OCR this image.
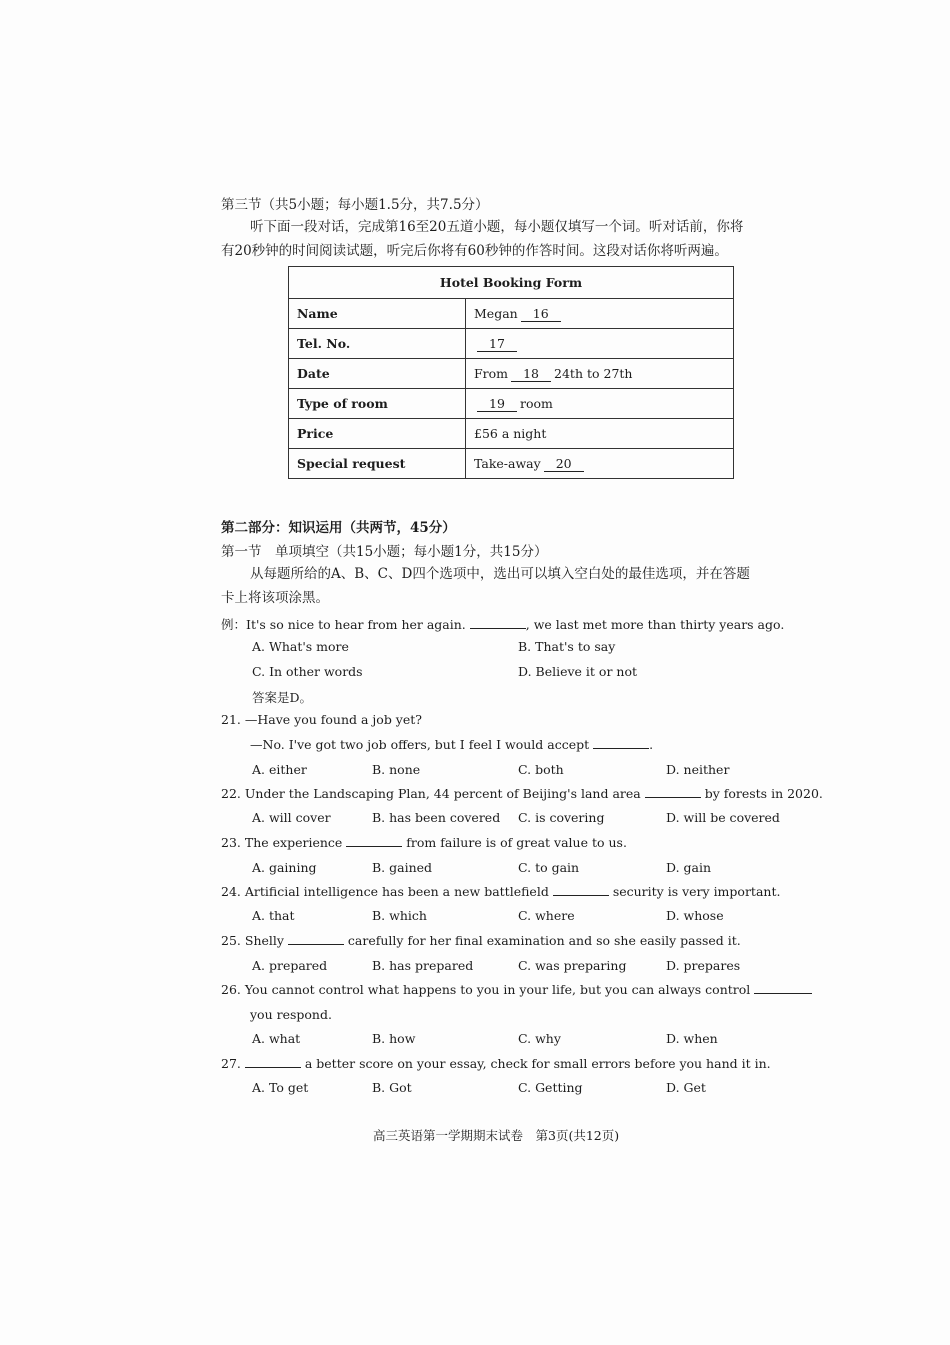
第三节（共5小题；每小题1.5分，共7.5分）
听下面一段对话，完成第16至20五道小题，每小题仅填写一个词。听对话前，你将
有20秒钟的时间阅读试题，听完后你将有60秒钟的作答时间。这段对话你将听两遍。
Hotel Booking Form	
Name	Megan 16
Tel. No.	17
Date	From 18 24th to 27th
Type of room	19 room
Price	£56 a night
Special request	Take-away 20
第二部分：知识运用（共两节，45分）
第一节　单项填空（共15小题；每小题1分，共15分）
从每题所给的A、B、C、D四个选项中，选出可以填入空白处的最佳选项，并在答题
卡上将该项涂黑。
例：It's so nice to hear from her again.	, we last met more than thirty years ago.
A. What's more	B. That's to say
C. In other words	D. Believe it or not
答案是D。
21. —Have you found a job yet?
—No. I've got two job offers, but I feel I would accept	.
A. either	B. none	C. both	D. neither
22. Under the Landscaping Plan, 44 percent of Beijing's land area	by forests in 2020.
A. will cover	B. has been covered C. is covering	D. will be covered
23. The experience	from failure is of great value to us.
A. gaining	B. gained	C. to gain	D. gain
24. Artificial intelligence has been a new battlefield	security is very important.
A. that	B. which	C. where	D. whose
25. Shelly	carefully for her final examination and so she easily passed it.
A. prepared	B. has prepared	C. was preparing	D. prepares
26. You cannot control what happens to you in your life, but you can always control
you respond.
A. what	B. how	C. why	D. when
27.	a better score on your essay, check for small errors before you hand it in.
A. To get	B. Got	C. Getting	D. Get
高三英语第一学期期末试卷　第3页(共12页)
